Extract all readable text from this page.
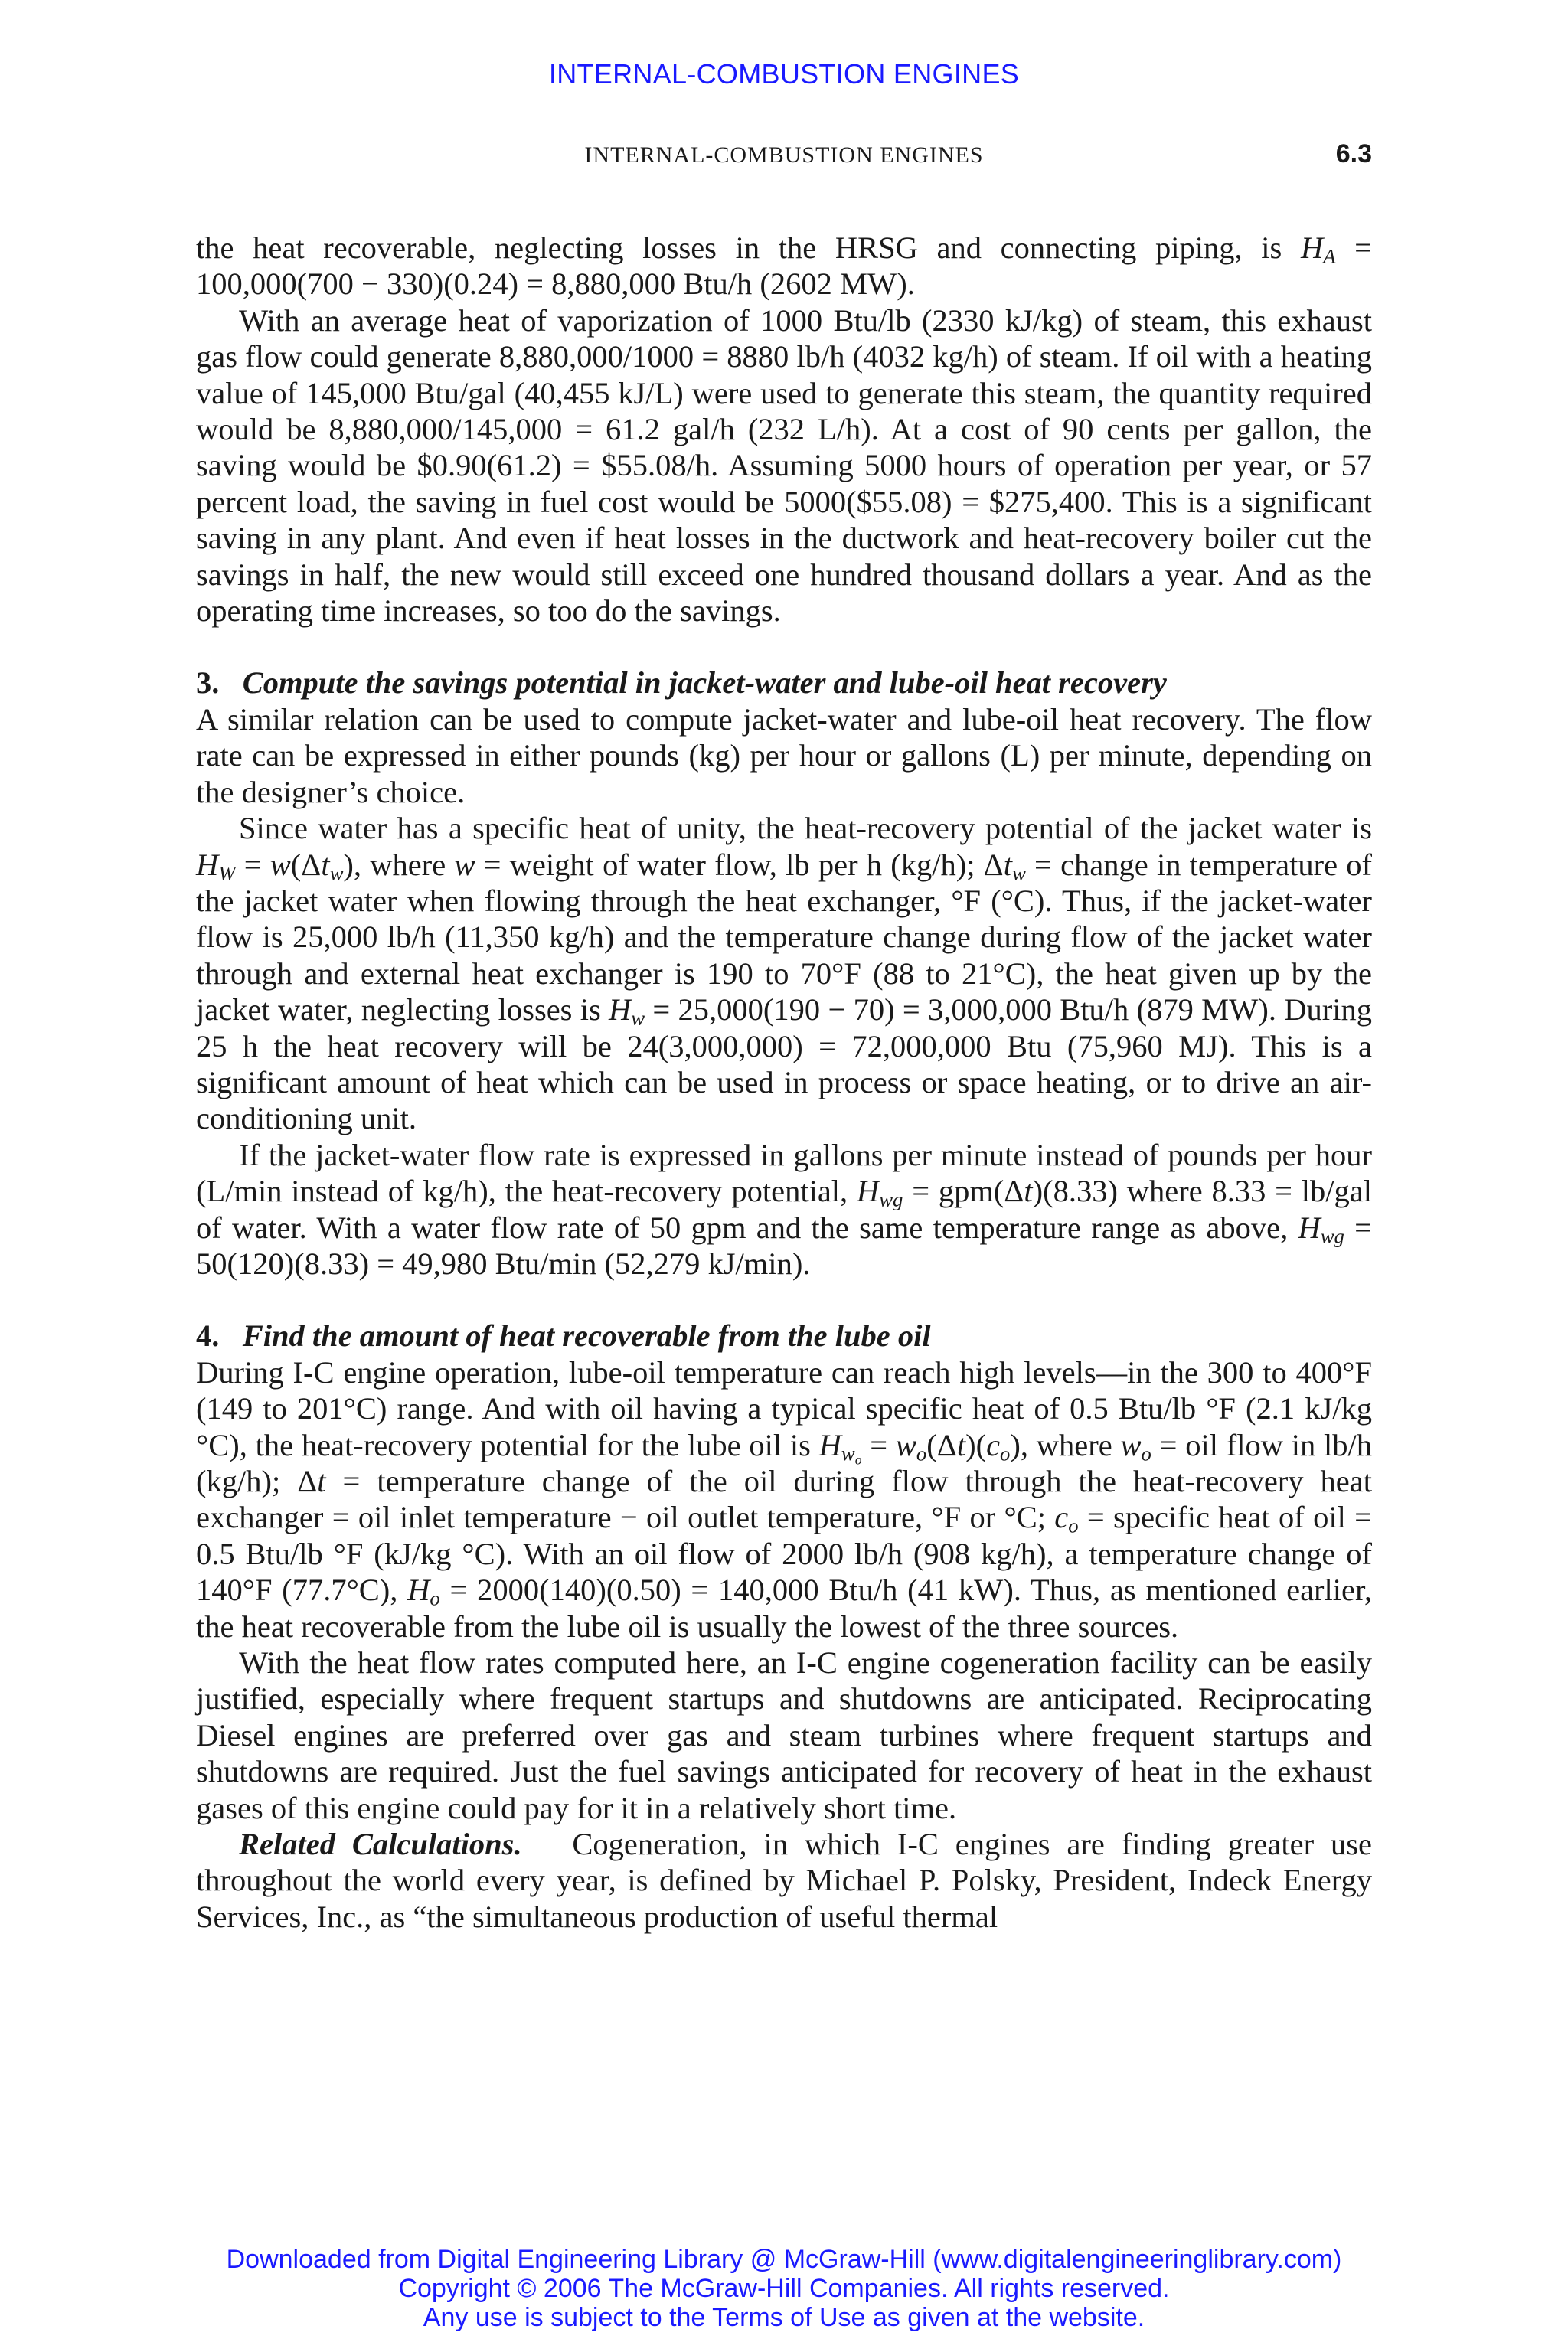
INTERNAL-COMBUSTION ENGINES
INTERNAL-COMBUSTION ENGINES	6.3

the heat recoverable, neglecting losses in the HRSG and connecting piping, is $H_A = 100,000(700 - 330)(0.24) = 8,880,000$ Btu/h (2602 MW).

With an average heat of vaporization of 1000 Btu/lb (2330 kJ/kg) of steam, this exhaust gas flow could generate 8,880,000/1000 = 8880 lb/h (4032 kg/h) of steam. If oil with a heating value of 145,000 Btu/gal (40,455 kJ/L) were used to generate this steam, the quantity required would be 8,880,000/145,000 = 61.2 gal/h (232 L/h). At a cost of 90 cents per gallon, the saving would be $0.90(61.2) = $55.08/h. Assuming 5000 hours of operation per year, or 57 percent load, the saving in fuel cost would be 5000($55.08) = $275,400. This is a significant saving in any plant. And even if heat losses in the ductwork and heat-recovery boiler cut the savings in half, the new would still exceed one hundred thousand dollars a year. And as the operating time increases, so too do the savings.

3. Compute the savings potential in jacket-water and lube-oil heat recovery

A similar relation can be used to compute jacket-water and lube-oil heat recovery. The flow rate can be expressed in either pounds (kg) per hour or gallons (L) per minute, depending on the designer’s choice.

Since water has a specific heat of unity, the heat-recovery potential of the jacket water is $H_W = w(\Delta t_w)$, where w = weight of water flow, lb per h (kg/h); $\Delta t_w$ = change in temperature of the jacket water when flowing through the heat exchanger, °F (°C). Thus, if the jacket-water flow is 25,000 lb/h (11,350 kg/h) and the temperature change during flow of the jacket water through and external heat exchanger is 190 to 70°F (88 to 21°C), the heat given up by the jacket water, neglecting losses is $H_w = 25,000(190 - 70) = 3,000,000$ Btu/h (879 MW). During 25 h the heat recovery will be 24(3,000,000) = 72,000,000 Btu (75,960 MJ). This is a significant amount of heat which can be used in process or space heating, or to drive an air-conditioning unit.

If the jacket-water flow rate is expressed in gallons per minute instead of pounds per hour (L/min instead of kg/h), the heat-recovery potential, $H_{wg} = gpm(\Delta t)(8.33)$ where 8.33 = lb/gal of water. With a water flow rate of 50 gpm and the same temperature range as above, $H_{wg} = 50(120)(8.33) = 49,980$ Btu/min (52,279 kJ/min).

4. Find the amount of heat recoverable from the lube oil

During I-C engine operation, lube-oil temperature can reach high levels—in the 300 to 400°F (149 to 201°C) range. And with oil having a typical specific heat of 0.5 Btu/lb °F (2.1 kJ/kg °C), the heat-recovery potential for the lube oil is $H_{w_o} = w_o(\Delta t)(c_o)$, where $w_o$ = oil flow in lb/h (kg/h); Δt = temperature change of the oil during flow through the heat-recovery heat exchanger = oil inlet temperature − oil outlet temperature, °F or °C; $c_o$ = specific heat of oil = 0.5 Btu/lb °F (kJ/kg °C). With an oil flow of 2000 lb/h (908 kg/h), a temperature change of 140°F (77.7°C), $H_o = 2000(140)(0.50) = 140,000$ Btu/h (41 kW). Thus, as mentioned earlier, the heat recoverable from the lube oil is usually the lowest of the three sources.

With the heat flow rates computed here, an I-C engine cogeneration facility can be easily justified, especially where frequent startups and shutdowns are anticipated. Reciprocating Diesel engines are preferred over gas and steam turbines where frequent startups and shutdowns are required. Just the fuel savings anticipated for recovery of heat in the exhaust gases of this engine could pay for it in a relatively short time.

Related Calculations.   Cogeneration, in which I-C engines are finding greater use throughout the world every year, is defined by Michael P. Polsky, President, Indeck Energy Services, Inc., as “the simultaneous production of useful thermal

Downloaded from Digital Engineering Library @ McGraw-Hill (www.digitalengineeringlibrary.com)
Copyright © 2006 The McGraw-Hill Companies. All rights reserved.
Any use is subject to the Terms of Use as given at the website.
